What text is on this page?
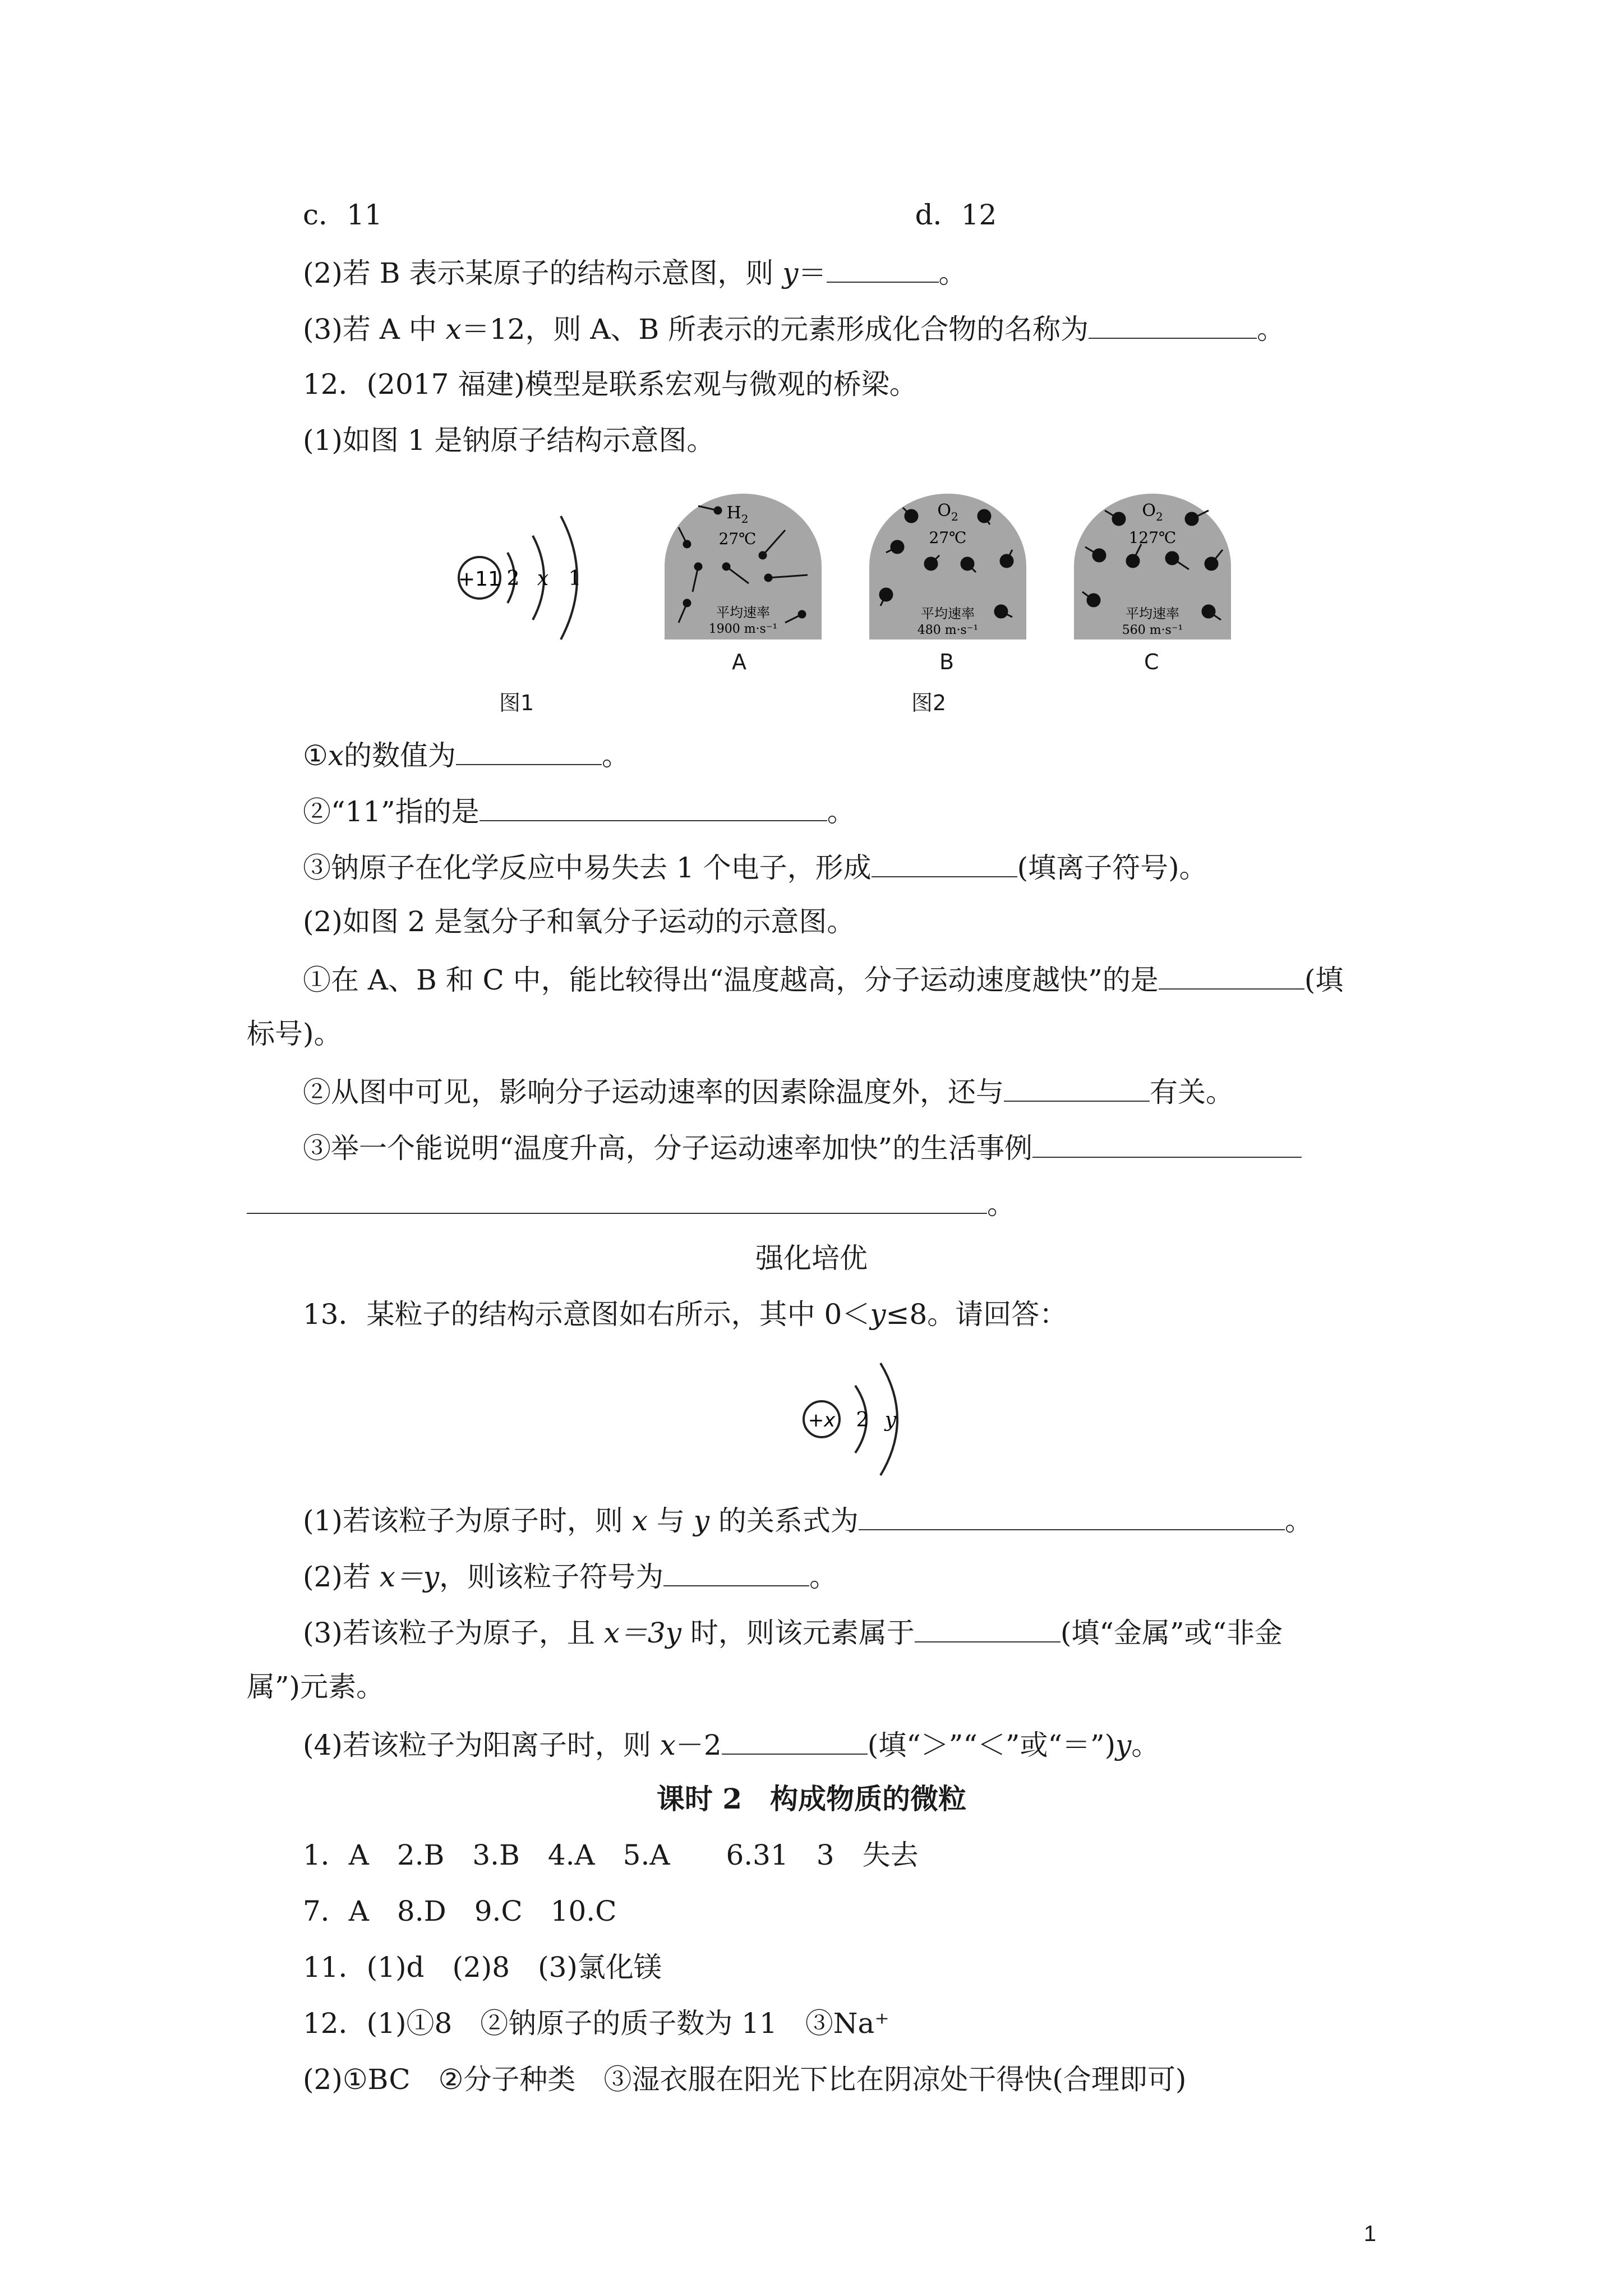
c．11	d．12
(2)若 B 表示某原子的结构示意图，则 y＝	。
(3)若 A 中 x＝12，则 A、B 所表示的元素形成化合物的名称为	。
12．(2017 福建)模型是联系宏观与微观的桥梁。
(1)如图 1 是钠原子结构示意图。
+11 2 x 1
图1
$H_2$
27℃
平均速率
1900 m·s⁻¹
A
$O_2$
27℃
平均速率
480 m·s⁻¹
B
$O_2$
127℃
平均速率
560 m·s⁻¹
C
图2
①x的数值为	。
②“11”指的是	。
③钠原子在化学反应中易失去 1 个电子，形成	(填离子符号)。
(2)如图 2 是氢分子和氧分子运动的示意图。
①在 A、B 和 C 中，能比较得出“温度越高，分子运动速度越快”的是	(填
标号)。
②从图中可见，影响分子运动速率的因素除温度外，还与	有关。
③举一个能说明“温度升高，分子运动速率加快”的生活事例
。
强化培优
13．某粒子的结构示意图如右所示，其中 0＜y≤8。请回答：
+x 2 y
(1)若该粒子为原子时，则 x 与 y 的关系式为	。
(2)若 x＝y，则该粒子符号为	。
(3)若该粒子为原子，且 x＝3y 时，则该元素属于	(填“金属”或“非金
属”)元素。
(4)若该粒子为阳离子时，则 x－2	(填“＞”“＜”或“＝”)y。
课时 2　构成物质的微粒
1．A　2.B　3.B　4.A　5.A　　6.31　3　失去
7．A　8.D　9.C　10.C
11．(1)d　(2)8　(3)氯化镁
12．(1)①8　②钠原子的质子数为 11　③Na⁺
(2)①BC　②分子种类　③湿衣服在阳光下比在阴凉处干得快(合理即可)
1
